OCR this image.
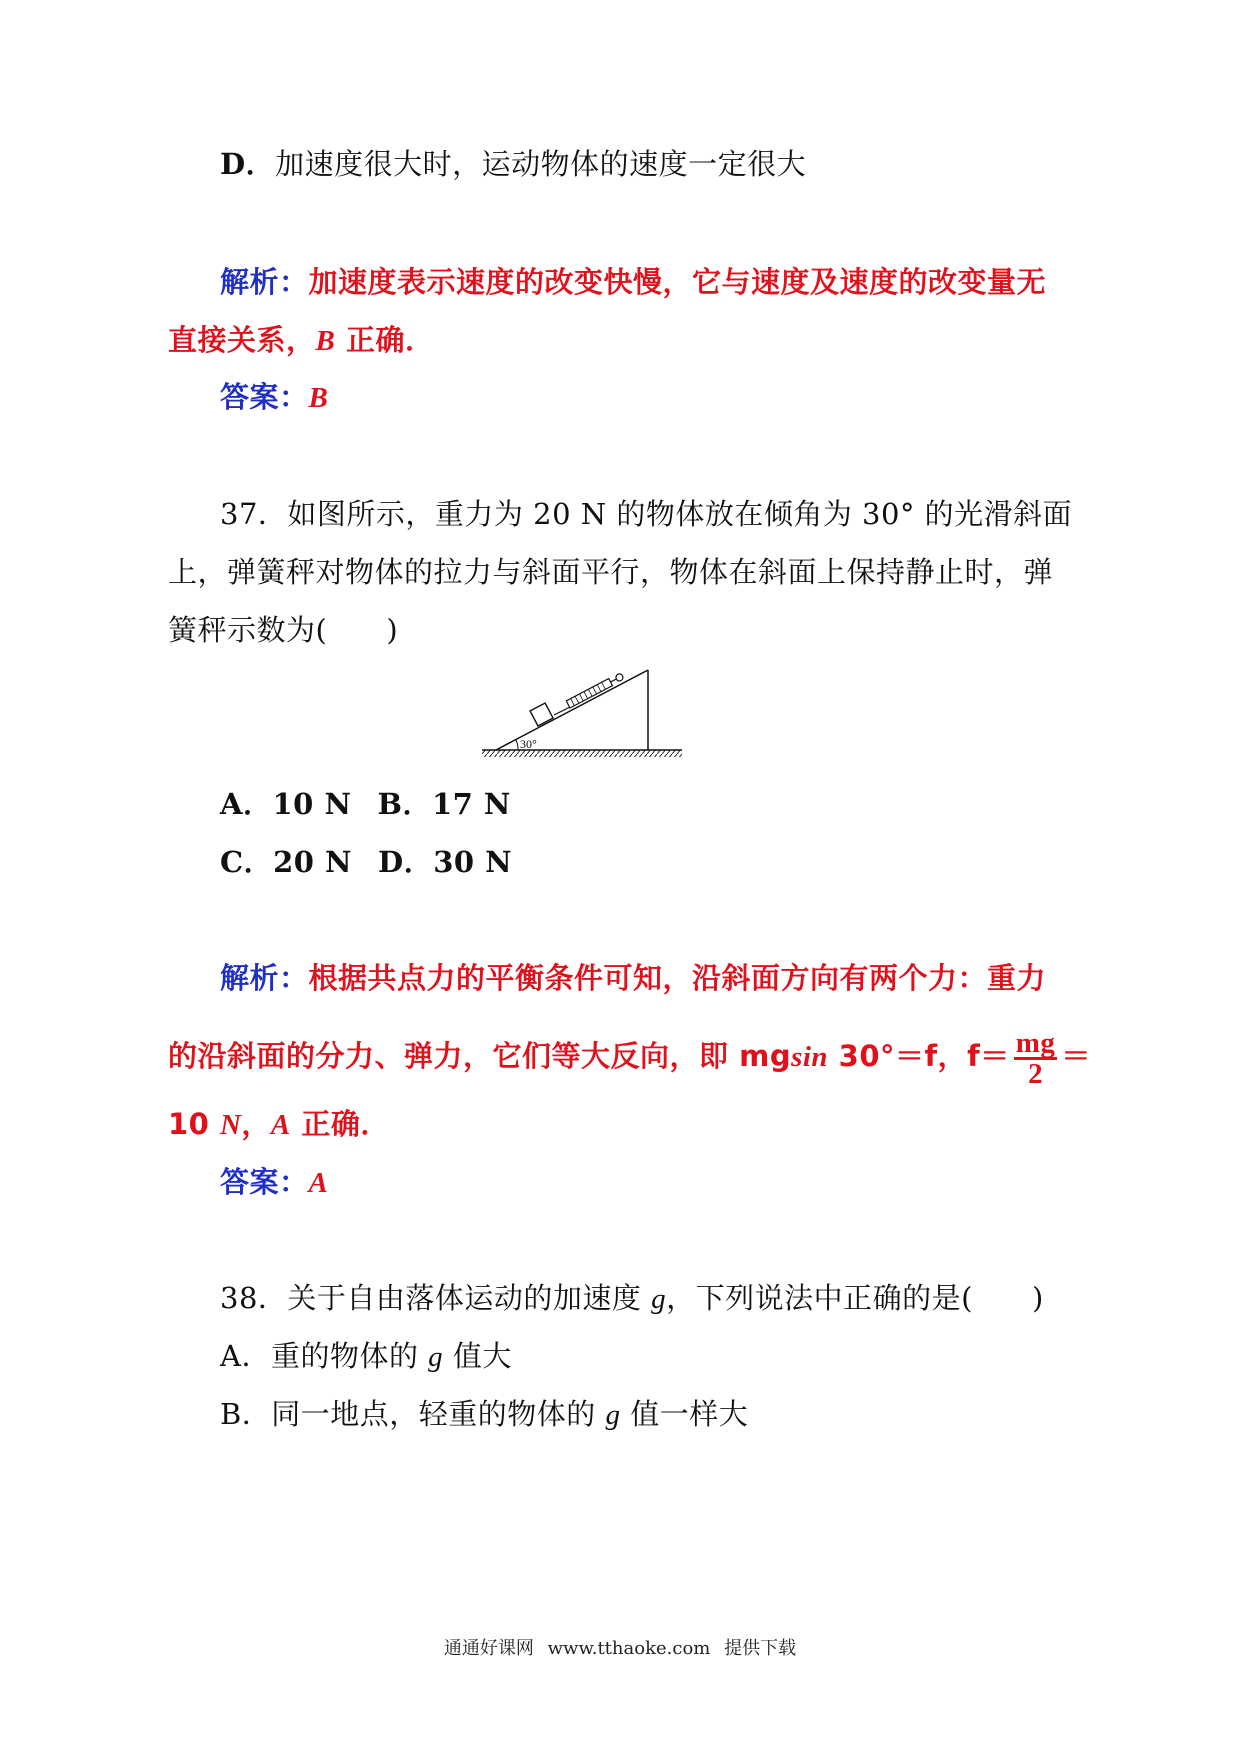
D．加速度很大时，运动物体的速度一定很大
解析：加速度表示速度的改变快慢，它与速度及速度的改变量无
直接关系，B 正确．
答案：B
37．如图所示，重力为 20 N 的物体放在倾角为 30° 的光滑斜面
上，弹簧秤对物体的拉力与斜面平行，物体在斜面上保持静止时，弹
簧秤示数为(　　)
30°
A．10 N B．17 N
C．20 N D．30 N
解析：根据共点力的平衡条件可知，沿斜面方向有两个力：重力
的沿斜面的分力、弹力，它们等大反向，即 mgsin 30°＝f，$f= \frac{mg}{2}$ ＝
10 N，A 正确．
答案：A
38．关于自由落体运动的加速度 g，下列说法中正确的是(　　)
A．重的物体的 g 值大
B．同一地点，轻重的物体的 g 值一样大
通通好课网 www.tthaoke.com 提供下载
